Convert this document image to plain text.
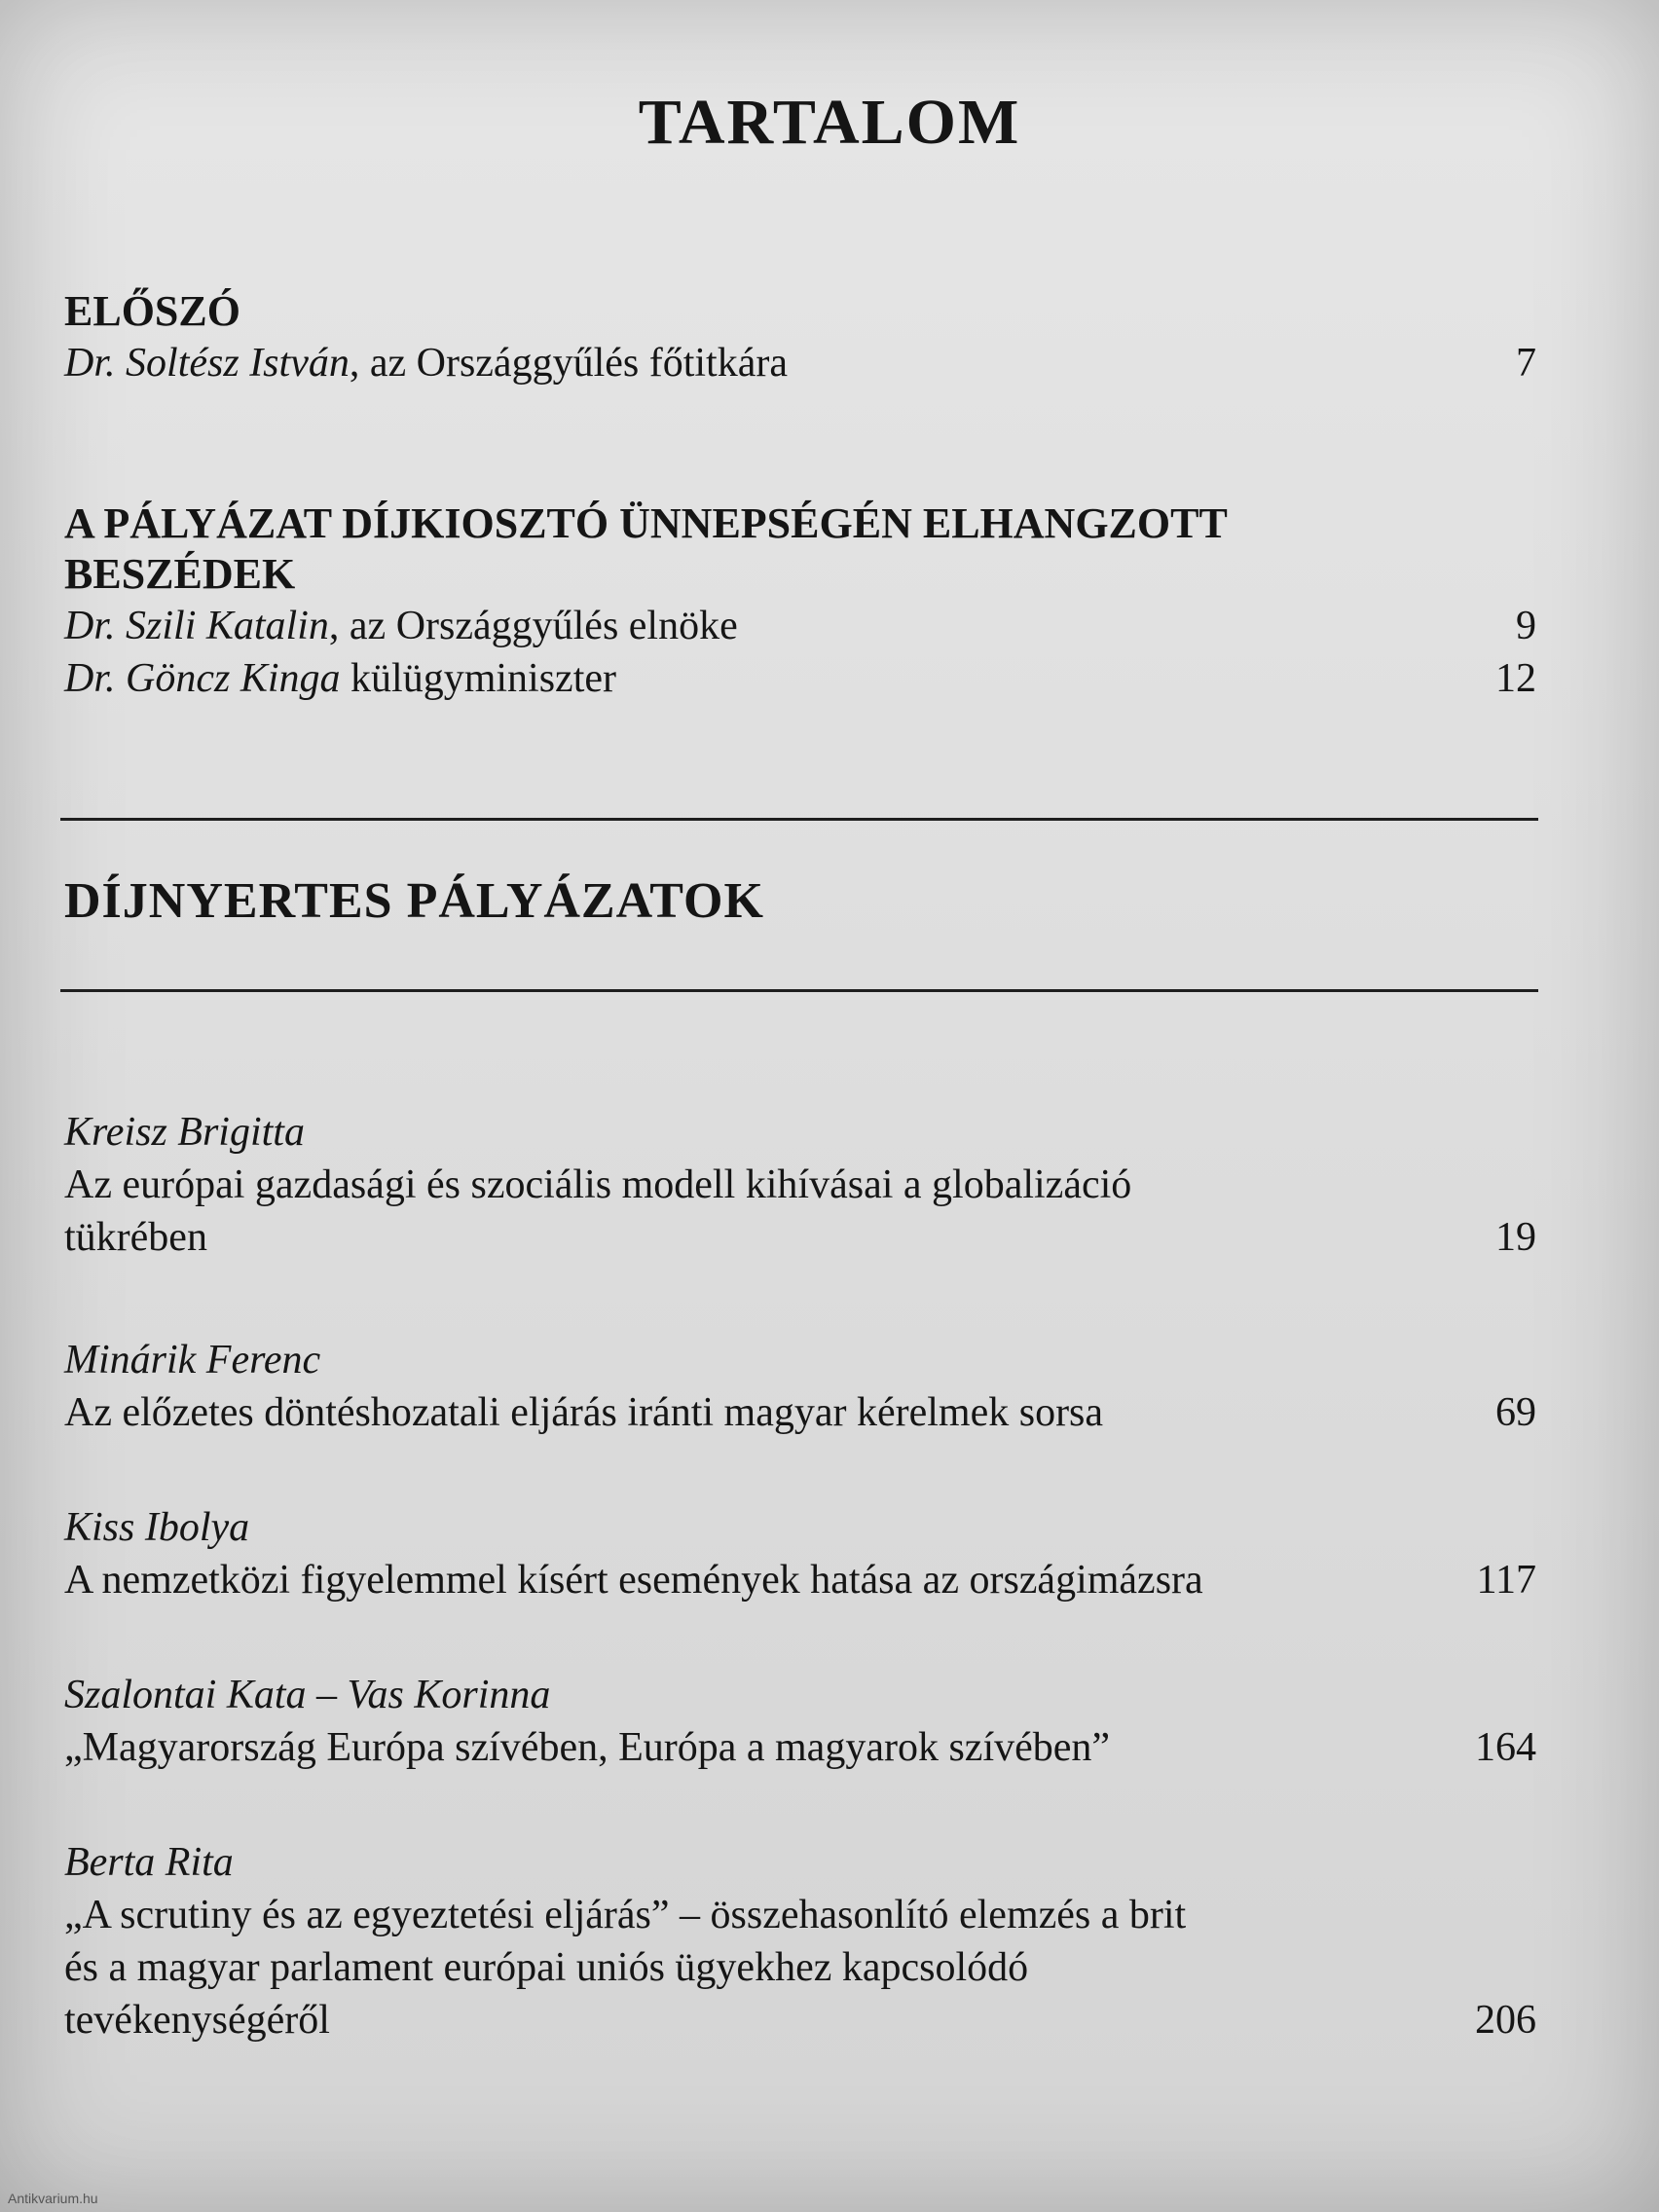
TARTALOM
ELŐSZÓ
Dr. Soltész István, az Országgyűlés főtitkára	7
A PÁLYÁZAT DÍJKIOSZTÓ ÜNNEPSÉGÉN ELHANGZOTT
BESZÉDEK
Dr. Szili Katalin, az Országgyűlés elnöke	9
Dr. Göncz Kinga külügyminiszter	12
DÍJNYERTES PÁLYÁZATOK
Kreisz Brigitta
Az európai gazdasági és szociális modell kihívásai a globalizáció
tükrében	19
Minárik Ferenc
Az előzetes döntéshozatali eljárás iránti magyar kérelmek sorsa	69
Kiss Ibolya
A nemzetközi figyelemmel kísért események hatása az országimázsra	117
Szalontai Kata – Vas Korinna
„Magyarország Európa szívében, Európa a magyarok szívében”	164
Berta Rita
„A scrutiny és az egyeztetési eljárás” – összehasonlító elemzés a brit
és a magyar parlament európai uniós ügyekhez kapcsolódó
tevékenységéről	206
Antikvarium.hu
